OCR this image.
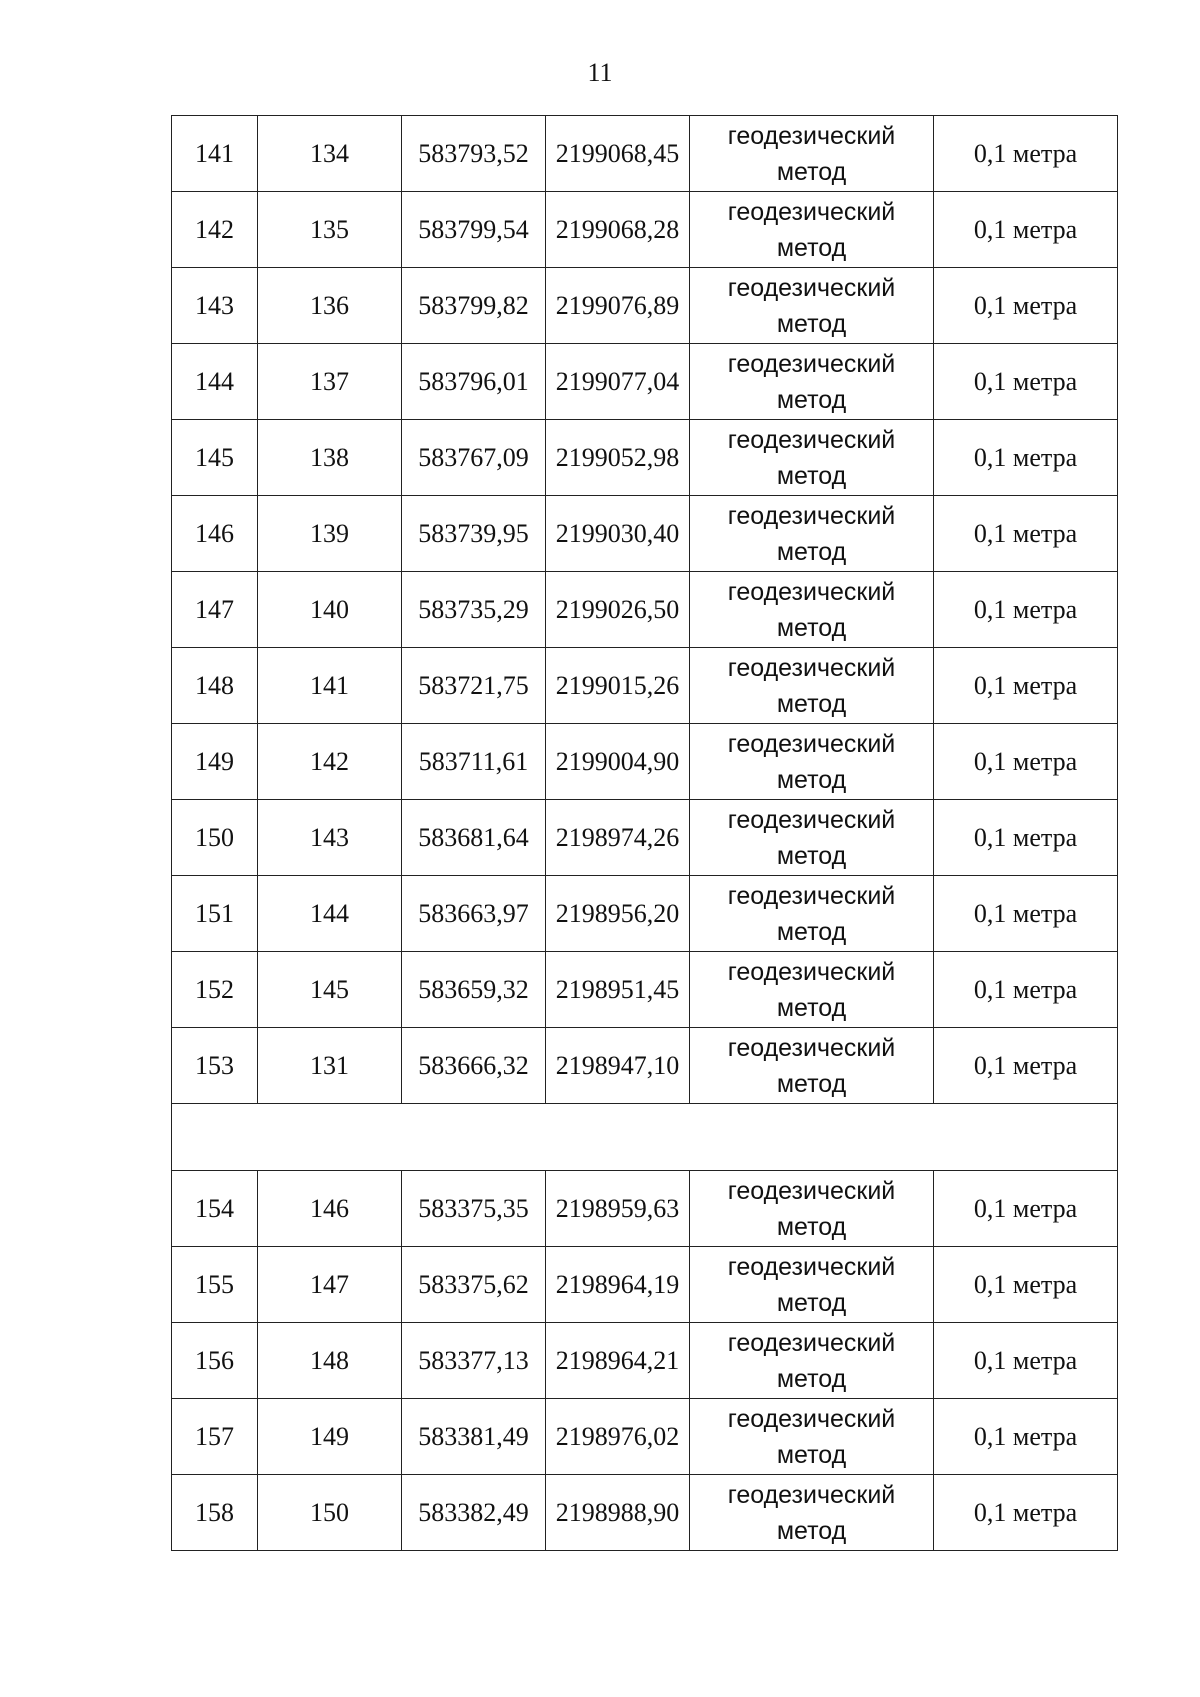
11
141	134	583793,52	2199068,45	геодезический
метод	0,1 метра
142	135	583799,54	2199068,28	геодезический
метод	0,1 метра
143	136	583799,82	2199076,89	геодезический
метод	0,1 метра
144	137	583796,01	2199077,04	геодезический
метод	0,1 метра
145	138	583767,09	2199052,98	геодезический
метод	0,1 метра
146	139	583739,95	2199030,40	геодезический
метод	0,1 метра
147	140	583735,29	2199026,50	геодезический
метод	0,1 метра
148	141	583721,75	2199015,26	геодезический
метод	0,1 метра
149	142	583711,61	2199004,90	геодезический
метод	0,1 метра
150	143	583681,64	2198974,26	геодезический
метод	0,1 метра
151	144	583663,97	2198956,20	геодезический
метод	0,1 метра
152	145	583659,32	2198951,45	геодезический
метод	0,1 метра
153	131	583666,32	2198947,10	геодезический
метод	0,1 метра

154	146	583375,35	2198959,63	геодезический
метод	0,1 метра
155	147	583375,62	2198964,19	геодезический
метод	0,1 метра
156	148	583377,13	2198964,21	геодезический
метод	0,1 метра
157	149	583381,49	2198976,02	геодезический
метод	0,1 метра
158	150	583382,49	2198988,90	геодезический
метод	0,1 метра
